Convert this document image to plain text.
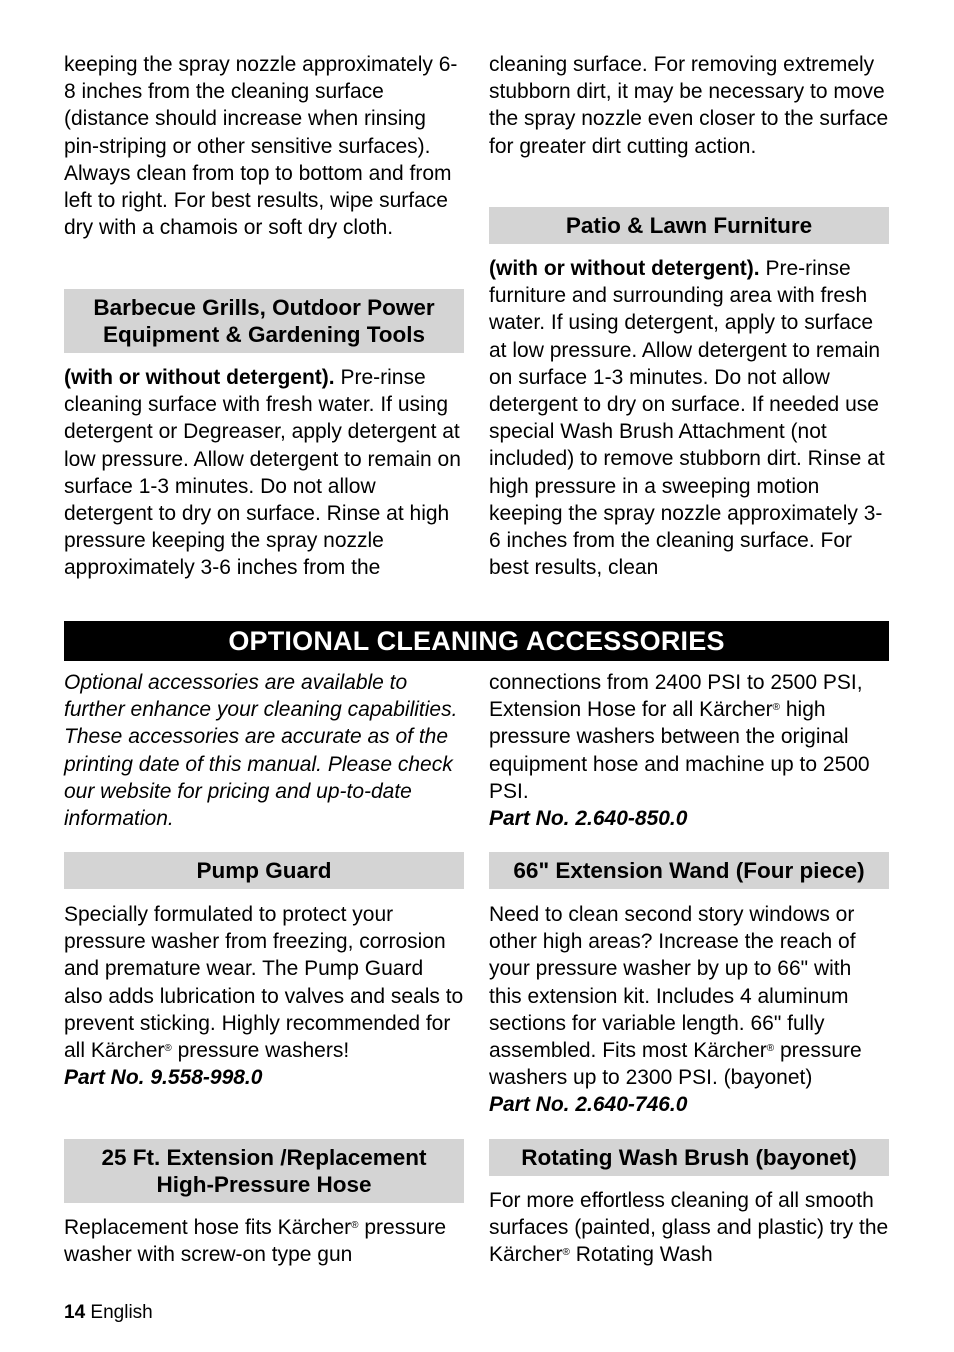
keeping the spray nozzle approximately 6-8 inches from the cleaning surface (distance should increase when rinsing pin-striping or other sensitive surfaces). Always clean from top to bottom and from left to right. For best results, wipe surface dry with a chamois or soft dry cloth.

Barbecue Grills, Outdoor Power
Equipment & Gardening Tools

(with or without detergent). Pre-rinse cleaning surface with fresh water. If using detergent or Degreaser, apply detergent at low pressure. Allow detergent to remain on surface 1-3 minutes. Do not allow detergent to dry on surface. Rinse at high pressure keeping the spray nozzle approximately 3-6 inches from the

cleaning surface. For removing extremely stubborn dirt, it may be necessary to move the spray nozzle even closer to the surface for greater dirt cutting action.

Patio & Lawn Furniture

(with or without detergent). Pre-rinse furniture and surrounding area with fresh water. If using detergent, apply to surface at low pressure. Allow detergent to remain on surface 1-3 minutes. Do not allow detergent to dry on surface. If needed use special Wash Brush Attachment (not included) to remove stubborn dirt. Rinse at high pressure in a sweeping motion keeping the spray nozzle approximately 3-6 inches from the cleaning surface. For best results, clean

OPTIONAL CLEANING ACCESSORIES

Optional accessories are available to further enhance your cleaning capabilities. These accessories are accurate as of the printing date of this manual. Please check our website for pricing and up-to-date information.

Pump Guard

Specially formulated to protect your pressure washer from freezing, corrosion and premature wear. The Pump Guard also adds lubrication to valves and seals to prevent sticking. Highly recommended for all Kärcher® pressure washers!

Part No. 9.558-998.0

25 Ft. Extension /Replacement
High-Pressure Hose

Replacement hose fits Kärcher® pressure washer with screw-on type gun

connections from 2400 PSI to 2500 PSI, Extension Hose for all Kärcher® high pressure washers between the original equipment hose and machine up to 2500 PSI.

Part No. 2.640-850.0

66" Extension Wand (Four piece)

Need to clean second story windows or other high areas? Increase the reach of your pressure washer by up to 66" with this extension kit. Includes 4 aluminum sections for variable length. 66" fully assembled. Fits most Kärcher® pressure washers up to 2300 PSI. (bayonet)

Part No. 2.640-746.0

Rotating Wash Brush (bayonet)

For more effortless cleaning of all smooth surfaces (painted, glass and plastic) try the Kärcher® Rotating Wash

14 English
